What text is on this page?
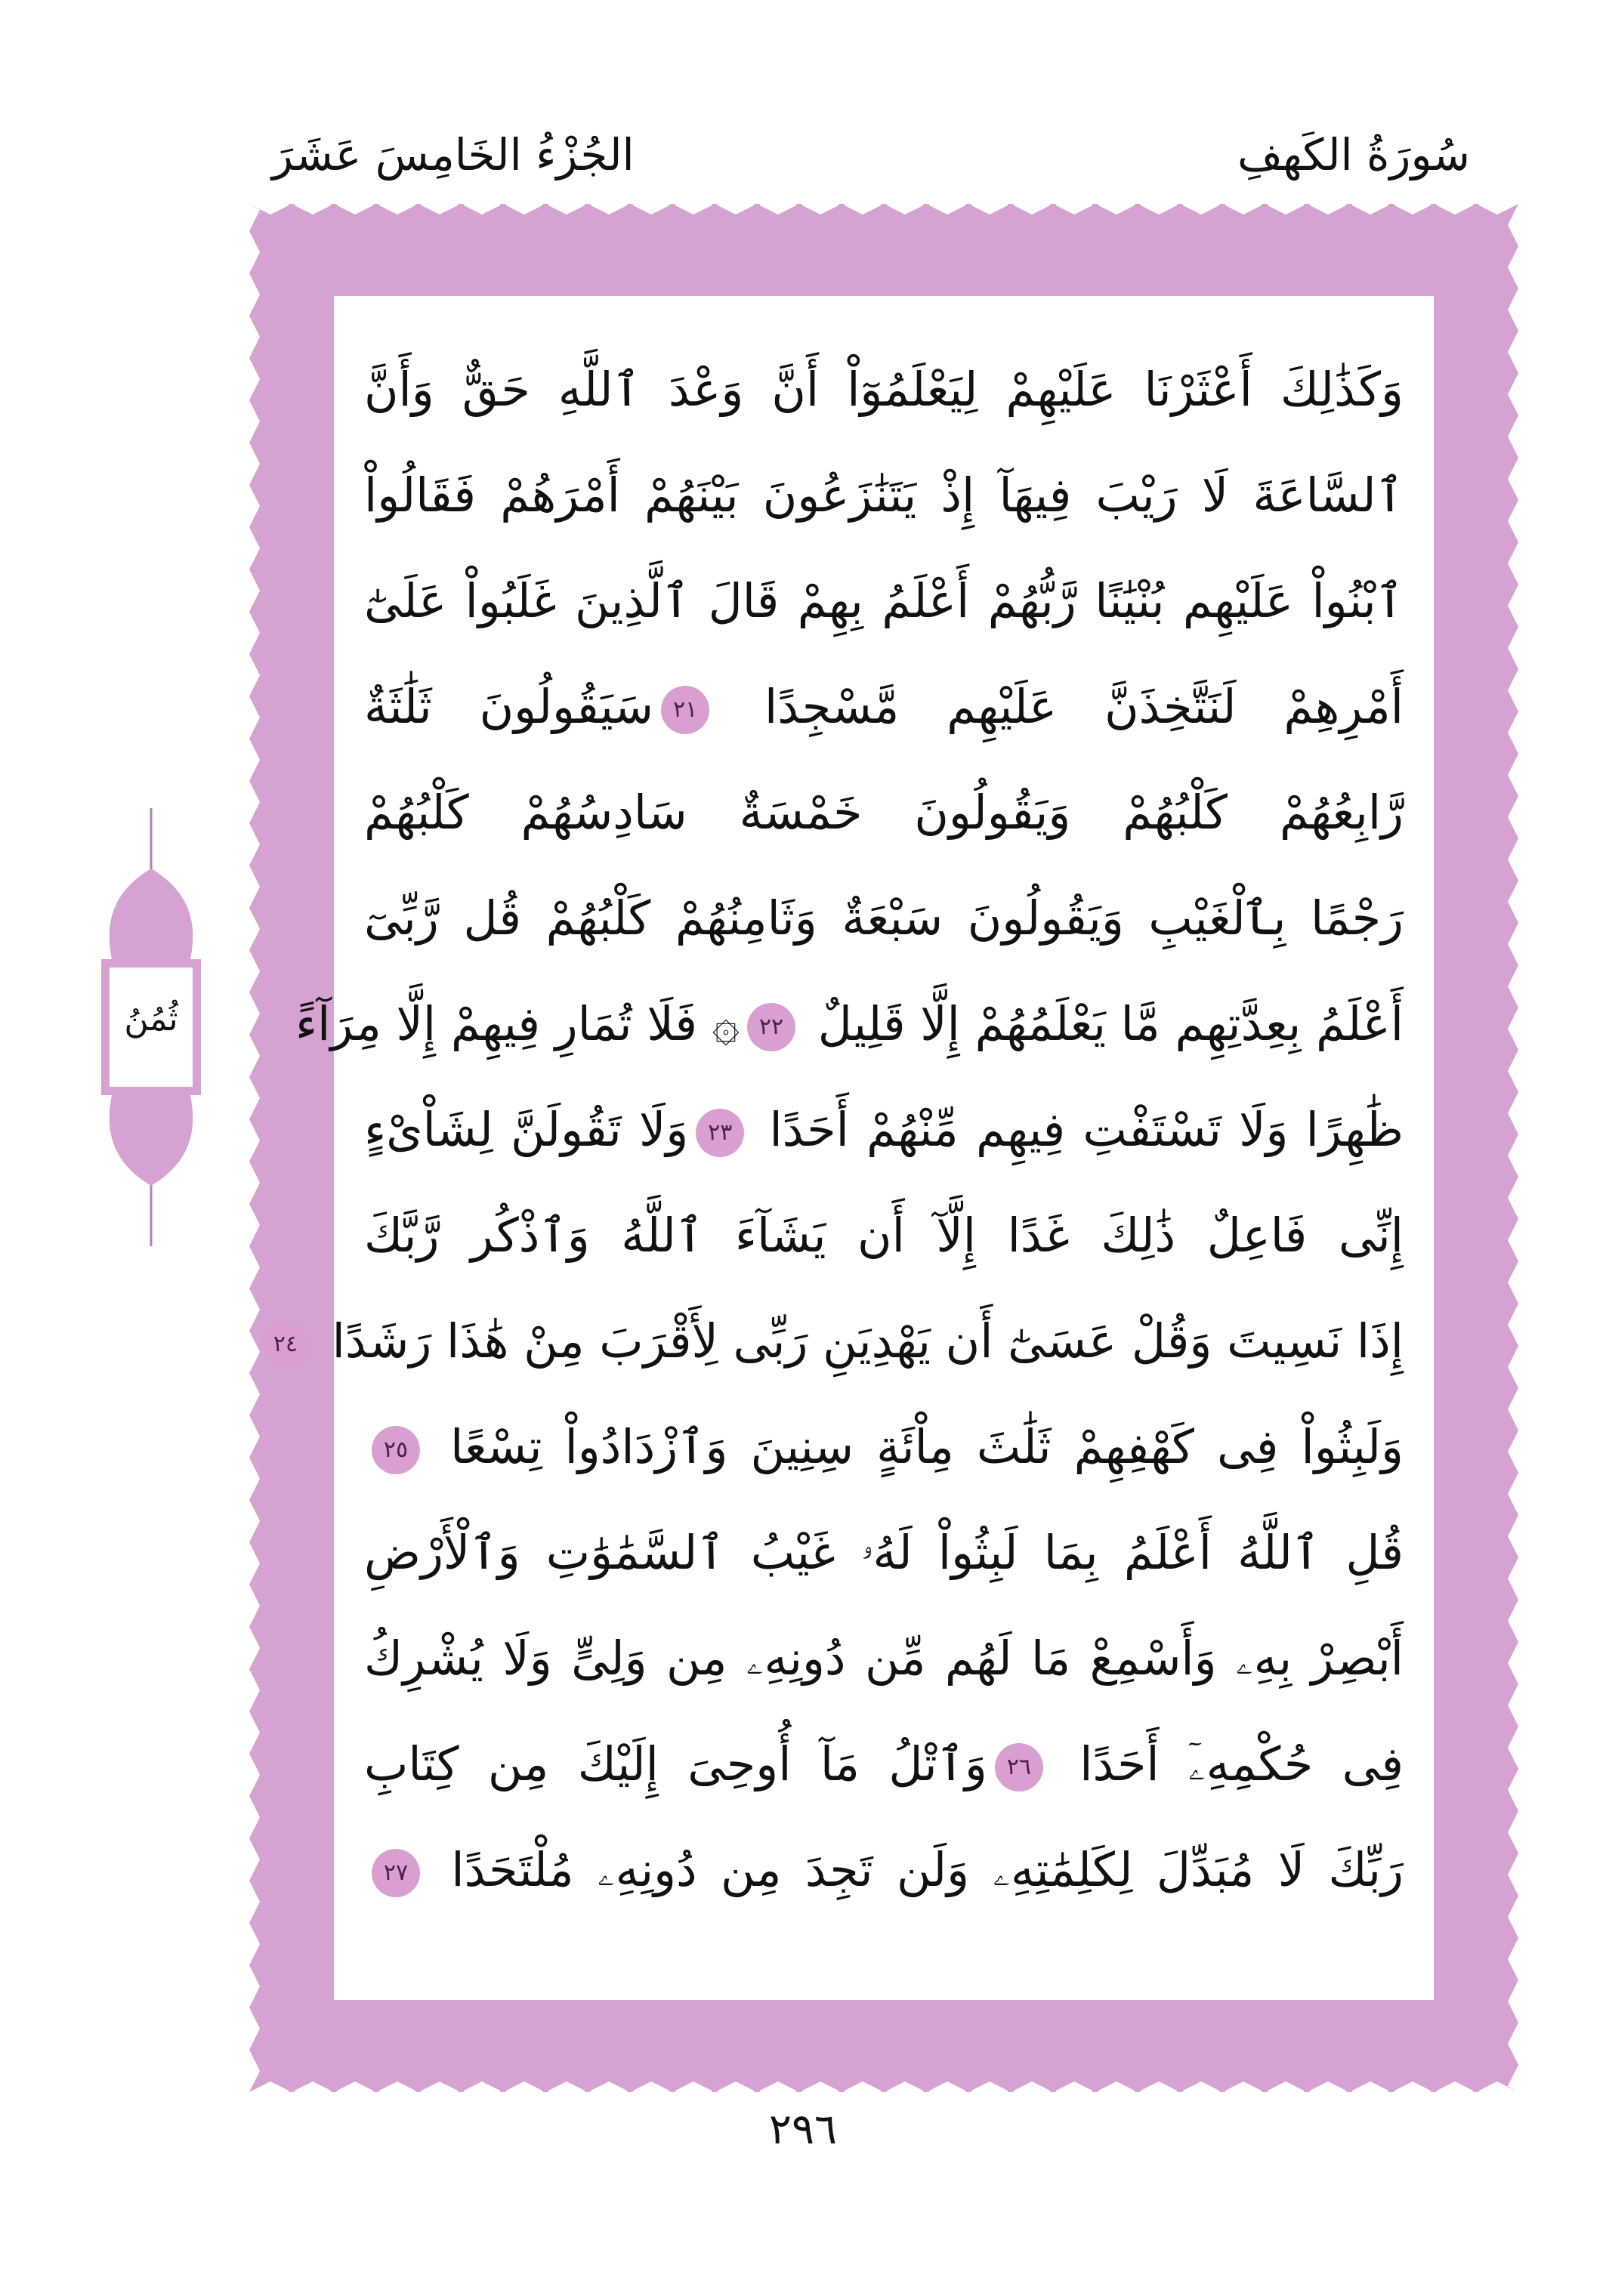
سُورَةُ الكَهفِ
الجُزْءُ الخَامِسَ عَشَرَ
وَكَذَٰلِكَ أَعْثَرْنَا عَلَيْهِمْ لِيَعْلَمُوٓاْ أَنَّ وَعْدَ ٱللَّهِ حَقٌّ وَأَنَّ
ٱلسَّاعَةَ لَا رَيْبَ فِيهَآ إِذْ يَتَنَٰزَعُونَ بَيْنَهُمْ أَمْرَهُمْ فَقَالُواْ
ٱبْنُواْ عَلَيْهِم بُنْيَٰنًا رَّبُّهُمْ أَعْلَمُ بِهِمْ قَالَ ٱلَّذِينَ غَلَبُواْ عَلَىٰٓ
أَمْرِهِمْ لَنَتَّخِذَنَّ عَلَيْهِم مَّسْجِدًا ٢١سَيَقُولُونَ ثَلَٰثَةٌ
رَّابِعُهُمْ كَلْبُهُمْ وَيَقُولُونَ خَمْسَةٌ سَادِسُهُمْ كَلْبُهُمْ
رَجْمًا بِٱلْغَيْبِ وَيَقُولُونَ سَبْعَةٌ وَثَامِنُهُمْ كَلْبُهُمْ قُل رَّبِّىٓ
أَعْلَمُ بِعِدَّتِهِم مَّا يَعْلَمُهُمْ إِلَّا قَلِيلٌ ٢٢۞ فَلَا تُمَارِ فِيهِمْ إِلَّا مِرَآءً
ظَٰهِرًا وَلَا تَسْتَفْتِ فِيهِم مِّنْهُمْ أَحَدًا ٢٣وَلَا تَقُولَنَّ لِشَاْىْءٍ
إِنِّى فَاعِلٌ ذَٰلِكَ غَدًا إِلَّآ أَن يَشَآءَ ٱللَّهُ وَٱذْكُر رَّبَّكَ
إِذَا نَسِيتَ وَقُلْ عَسَىٰٓ أَن يَهْدِيَنِ رَبِّى لِأَقْرَبَ مِنْ هَٰذَا رَشَدًا ٢٤
وَلَبِثُواْ فِى كَهْفِهِمْ ثَلَٰثَ مِاْئَةٍ سِنِينَ وَٱزْدَادُواْ تِسْعًا ٢٥
قُلِ ٱللَّهُ أَعْلَمُ بِمَا لَبِثُواْ لَهُۥ غَيْبُ ٱلسَّمَٰوَٰتِ وَٱلْأَرْضِ
أَبْصِرْ بِهِۦ وَأَسْمِعْ مَا لَهُم مِّن دُونِهِۦ مِن وَلِىٍّ وَلَا يُشْرِكُ
فِى حُكْمِهِۦٓ أَحَدًا ٢٦وَٱتْلُ مَآ أُوحِىَ إِلَيْكَ مِن كِتَابِ
رَبِّكَ لَا مُبَدِّلَ لِكَلِمَٰتِهِۦ وَلَن تَجِدَ مِن دُونِهِۦ مُلْتَحَدًا ٢٧
ثُمُنُ
٢٩٦
